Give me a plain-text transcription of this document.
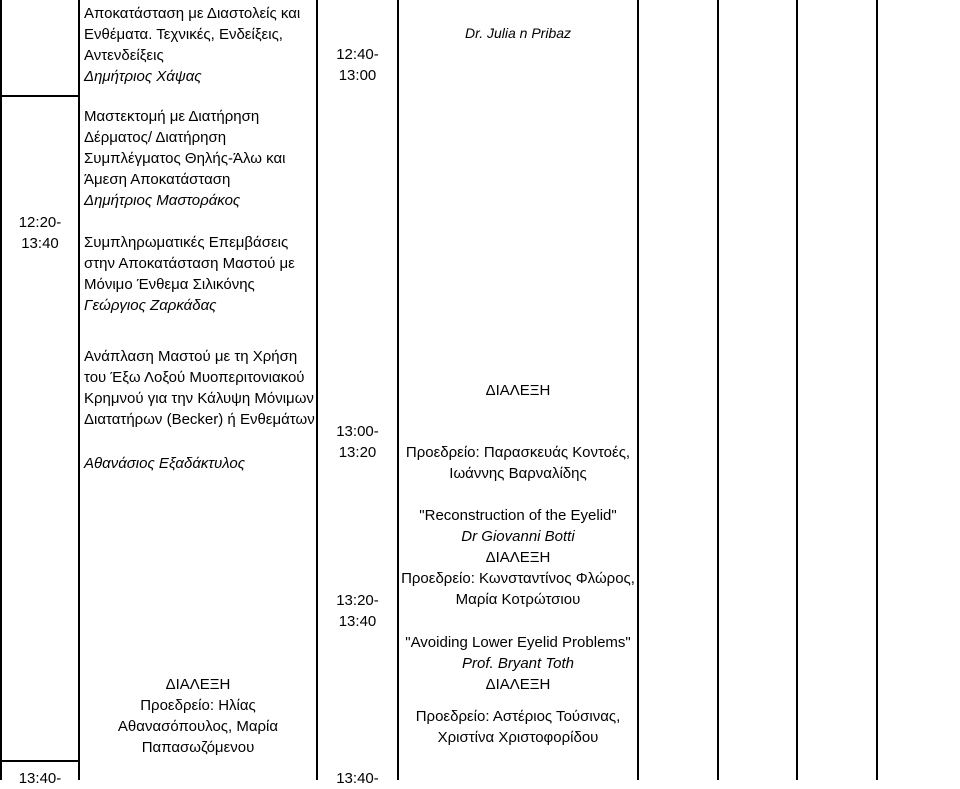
Αποκατάσταση με Διαστολείς και
Ενθέματα. Τεχνικές, Ενδείξεις,
Αντενδείξεις
Δημήτριος Χάψας
Μαστεκτομή με Διατήρηση
Δέρματος/ Διατήρηση
Συμπλέγματος Θηλής-Άλω και
Άμεση Αποκατάσταση
Δημήτριος Μαστοράκος
Συμπληρωματικές Επεμβάσεις
στην Αποκατάσταση Μαστού με
Μόνιμο Ένθεμα Σιλικόνης
Γεώργιος Ζαρκάδας
Ανάπλαση Μαστού με τη Χρήση
του Έξω Λοξού Μυοπεριτονιακού
Κρημνού για την Κάλυψη Μόνιμων
Διατατήρων (Becker) ή Ενθεμάτων
Αθανάσιος Εξαδάκτυλος
ΔΙΑΛΕΞΗ
Προεδρείο: Ηλίας
Αθανασόπουλος, Μαρία
Παπασωζόμενου
12:20-
13:40
13:40-
12:40-
13:00
13:00-
13:20
13:20-
13:40
13:40-
Dr. Julia n Pribaz
ΔΙΑΛΕΞΗ
Προεδρείο: Παρασκευάς Κοντοές,
Ιωάννης Βαρναλίδης
"Reconstruction of the Eyelid"
Dr Giovanni Botti
ΔΙΑΛΕΞΗ
Προεδρείο: Κωνσταντίνος Φλώρος,
Μαρία Κοτρώτσιου
"Avoiding Lower Eyelid Problems"
Prof. Bryant Toth
ΔΙΑΛΕΞΗ
Προεδρείο: Αστέριος Τούσινας,
Χριστίνα Χριστοφορίδου
